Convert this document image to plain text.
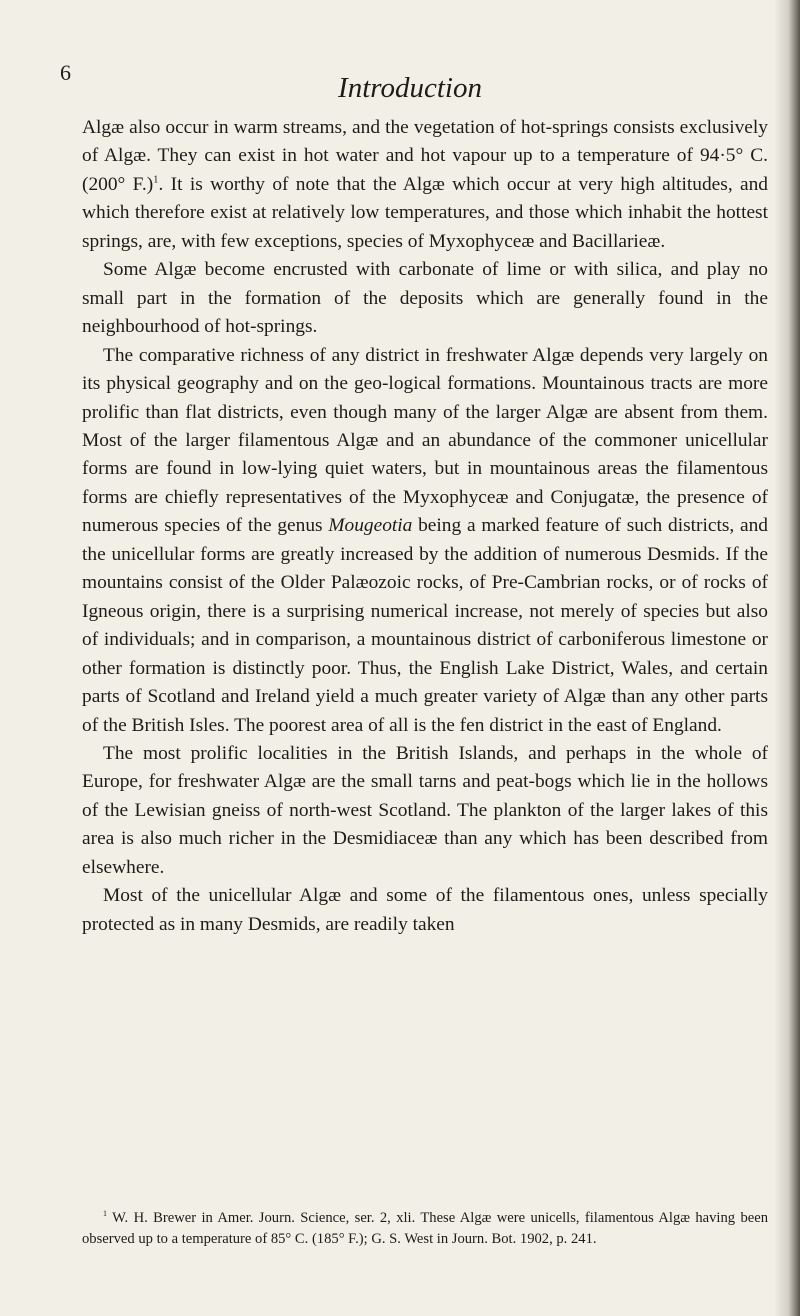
6	Introduction

Algæ also occur in warm streams, and the vegetation of hot-springs consists exclusively of Algæ. They can exist in hot water and hot vapour up to a temperature of 94·5° C. (200° F.)$^1$. It is worthy of note that the Algæ which occur at very high altitudes, and which therefore exist at relatively low temperatures, and those which inhabit the hottest springs, are, with few exceptions, species of Myxophyceæ and Bacillarieæ.

Some Algæ become encrusted with carbonate of lime or with silica, and play no small part in the formation of the deposits which are generally found in the neighbourhood of hot-springs.

The comparative richness of any district in freshwater Algæ depends very largely on its physical geography and on the geo-logical formations. Mountainous tracts are more prolific than flat districts, even though many of the larger Algæ are absent from them. Most of the larger filamentous Algæ and an abundance of the commoner unicellular forms are found in low-lying quiet waters, but in mountainous areas the filamentous forms are chiefly representatives of the Myxophyceæ and Conjugatæ, the presence of numerous species of the genus Mougeotia being a marked feature of such districts, and the unicellular forms are greatly increased by the addition of numerous Desmids. If the mountains consist of the Older Palæozoic rocks, of Pre-Cambrian rocks, or of rocks of Igneous origin, there is a surprising numerical increase, not merely of species but also of individuals; and in comparison, a mountainous district of carboniferous limestone or other formation is distinctly poor. Thus, the English Lake District, Wales, and certain parts of Scotland and Ireland yield a much greater variety of Algæ than any other parts of the British Isles. The poorest area of all is the fen district in the east of England.

The most prolific localities in the British Islands, and perhaps in the whole of Europe, for freshwater Algæ are the small tarns and peat-bogs which lie in the hollows of the Lewisian gneiss of north-west Scotland. The plankton of the larger lakes of this area is also much richer in the Desmidiaceæ than any which has been described from elsewhere.

Most of the unicellular Algæ and some of the filamentous ones, unless specially protected as in many Desmids, are readily taken

$^1$ W. H. Brewer in Amer. Journ. Science, ser. 2, xli. These Algæ were unicells, filamentous Algæ having been observed up to a temperature of 85° C. (185° F.); G. S. West in Journ. Bot. 1902, p. 241.
